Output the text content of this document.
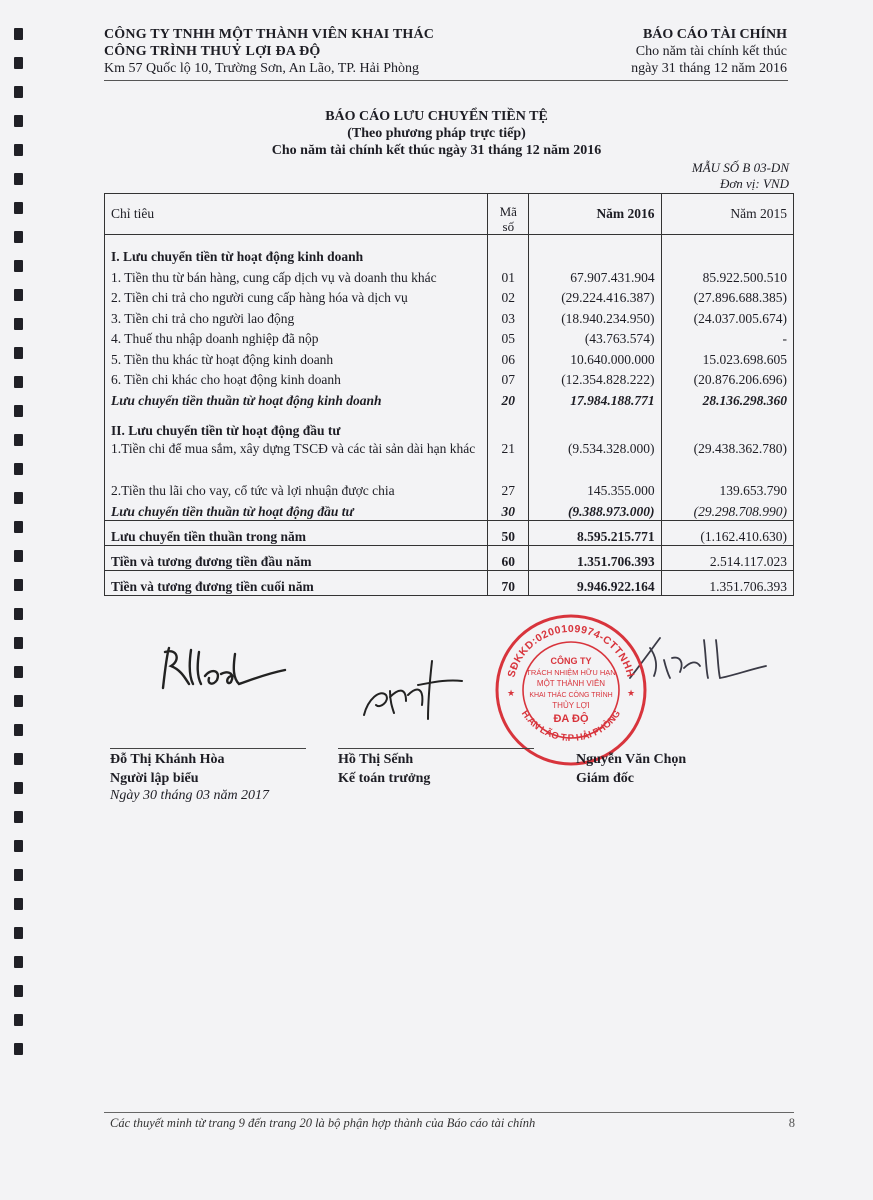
CÔNG TY TNHH MỘT THÀNH VIÊN KHAI THÁC
CÔNG TRÌNH THUỶ LỢI ĐA ĐỘ
Km 57 Quốc lộ 10, Trường Sơn, An Lão, TP. Hải Phòng
BÁO CÁO TÀI CHÍNH
Cho năm tài chính kết thúc
ngày 31 tháng 12 năm 2016
BÁO CÁO LƯU CHUYỂN TIỀN TỆ
(Theo phương pháp trực tiếp)
Cho năm tài chính kết thúc ngày 31 tháng 12 năm 2016
MẪU SỐ B 03-DN
Đơn vị: VND
Chỉ tiêu	Mã số	Năm 2016	Năm 2015
I. Lưu chuyển tiền từ hoạt động kinh doanh			
1. Tiền thu từ bán hàng, cung cấp dịch vụ và doanh thu khác	01	67.907.431.904	85.922.500.510
2. Tiền chi trả cho người cung cấp hàng hóa và dịch vụ	02	(29.224.416.387)	(27.896.688.385)
3. Tiền chi trả cho người lao động	03	(18.940.234.950)	(24.037.005.674)
4. Thuế thu nhập doanh nghiệp đã nộp	05	(43.763.574)	-
5. Tiền thu khác từ hoạt động kinh doanh	06	10.640.000.000	15.023.698.605
6. Tiền chi khác cho hoạt động kinh doanh	07	(12.354.828.222)	(20.876.206.696)
Lưu chuyển tiền thuần từ hoạt động kinh doanh	20	17.984.188.771	28.136.298.360
II. Lưu chuyển tiền từ hoạt động đầu tư			
1.Tiền chi để mua sắm, xây dựng TSCĐ và các tài sản dài hạn khác	21	(9.534.328.000)	(29.438.362.780)
2.Tiền thu lãi cho vay, cổ tức và lợi nhuận được chia	27	145.355.000	139.653.790
Lưu chuyển tiền thuần từ hoạt động đầu tư	30	(9.388.973.000)	(29.298.708.990)
Lưu chuyển tiền thuần trong năm	50	8.595.215.771	(1.162.410.630)
Tiền và tương đương tiền đầu năm	60	1.351.706.393	2.514.117.023
Tiền và tương đương tiền cuối năm	70	9.946.922.164	1.351.706.393
SĐKKD:0200109974-CTTNHH
H.AN LÃO T.P HẢI PHÒNG
CÔNG TY
TRÁCH NHIỆM HỮU HẠN
MỘT THÀNH VIÊN
KHAI THÁC CÔNG TRÌNH
THỦY LỢI
ĐA ĐỘ
★	★
Đỗ Thị Khánh Hòa
Người lập biểu
Hồ Thị Sếnh
Kế toán trưởng
Nguyễn Văn Chọn
Giám đốc
Ngày 30 tháng 03 năm 2017
Các thuyết minh từ trang 9 đến trang 20 là bộ phận hợp thành của Báo cáo tài chính	8
